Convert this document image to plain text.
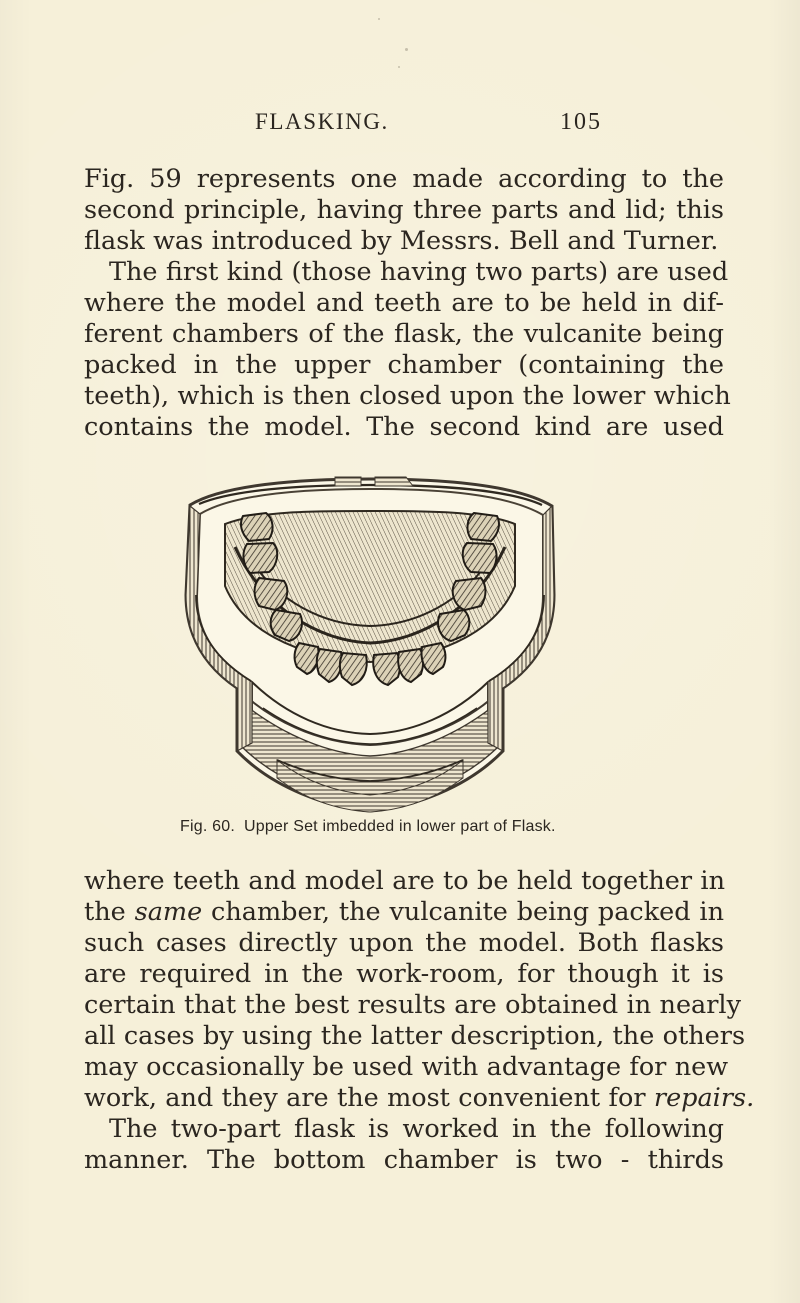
FLASKING.	105
Fig. 59 represents one made according to the
second principle, having three parts and lid; this
flask was introduced by Messrs. Bell and Turner.
The first kind (those having two parts) are used
where the model and teeth are to be held in dif-
ferent chambers of the flask, the vulcanite being
packed in the upper chamber (containing the
teeth), which is then closed upon the lower which
contains the model. The second kind are used
Fig. 60. Upper Set imbedded in lower part of Flask.
where teeth and model are to be held together in
the same chamber, the vulcanite being packed in
such cases directly upon the model. Both flasks
are required in the work-room, for though it is
certain that the best results are obtained in nearly
all cases by using the latter description, the others
may occasionally be used with advantage for new
work, and they are the most convenient for repairs.
The two-part flask is worked in the following
manner. The bottom chamber is two - thirds
